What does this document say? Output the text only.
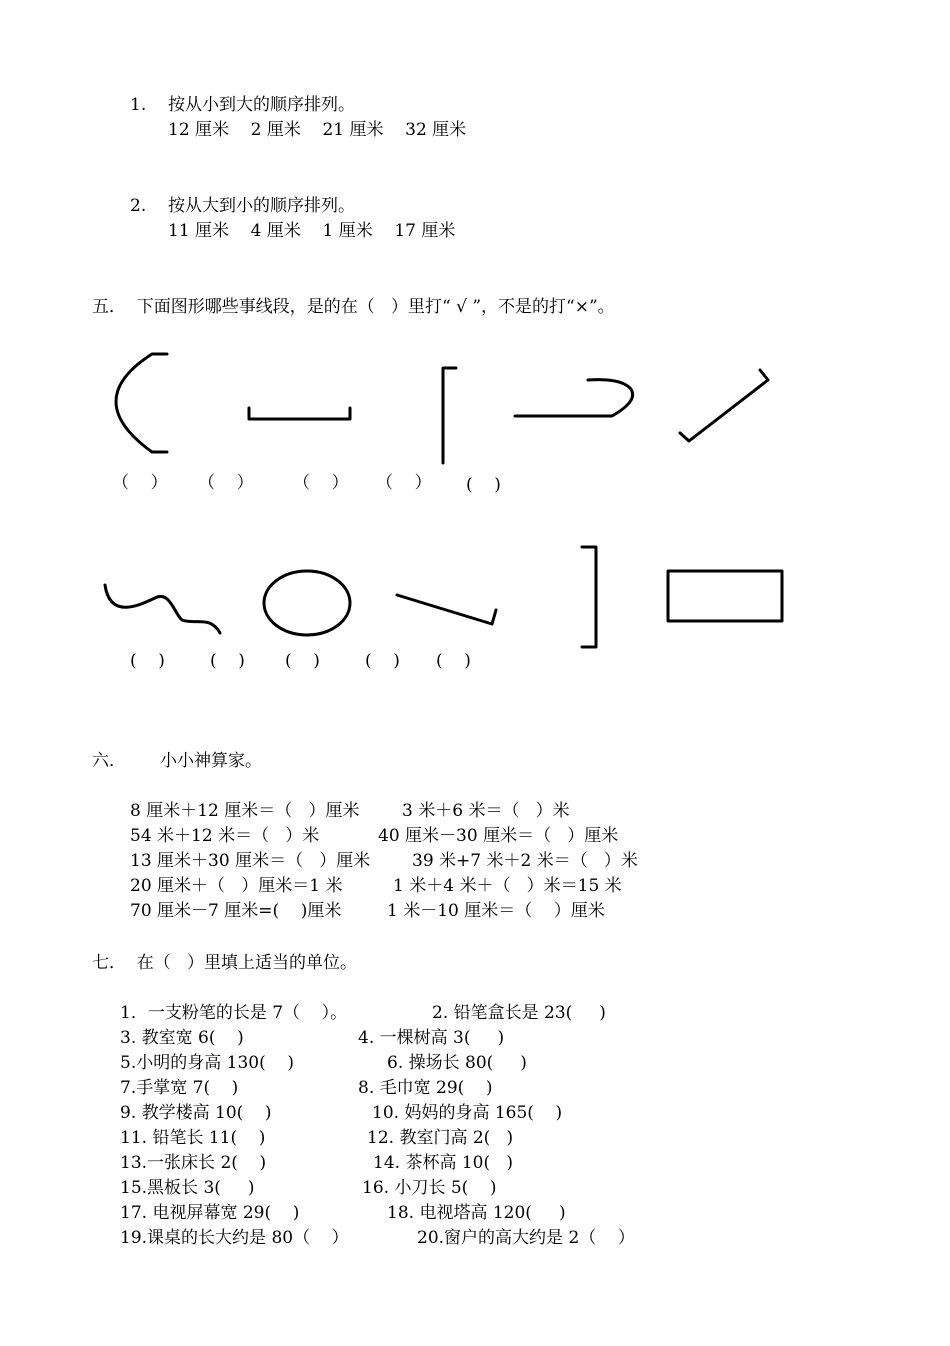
1. 按从小到大的顺序排列。
12 厘米    2 厘米    21 厘米    32 厘米
2. 按从大到小的顺序排列。
11 厘米    4 厘米    1 厘米    17 厘米
五．  下面图形哪些事线段，是的在（   ）里打“ √ ”，不是的打“×”。
（    ） （    ） （    ） （    ） (    )
(    )	(    ) (    )	(    ) (    )
六． 小小神算家。
8 厘米＋12 厘米＝（   ）厘米	3 米＋6 米＝（   ）米
54 米＋12 米＝（   ）米	40 厘米－30 厘米＝（   ）厘米
13 厘米＋30 厘米＝（   ）厘米 39 米+7 米＋2 米＝（   ）米
20 厘米＋（   ）厘米＝1 米	1 米＋4 米＋（   ）米＝15 米
70 厘米－7 厘米=(    )厘米	1 米－10 厘米＝（    ）厘米
七．  在（   ）里填上适当的单位。
1．一支粉笔的长是 7（    ）。	2. 铅笔盒长是 23(     )
3. 教室宽 6(    )	4. 一棵树高 3(     )
5.小明的身高 130(    )	6. 操场长 80(     )
7.手掌宽 7(    )	8. 毛巾宽 29(    )
9. 教学楼高 10(    )	10. 妈妈的身高 165(    )
11. 铅笔长 11(    )	12. 教室门高 2(   )
13.一张床长 2(    )	14. 茶杯高 10(   )
15.黑板长 3(     )	16. 小刀长 5(    )
17. 电视屏幕宽 29(    )	18. 电视塔高 120(     )
19.课桌的长大约是 80（    ）	20.窗户的高大约是 2（    ）
